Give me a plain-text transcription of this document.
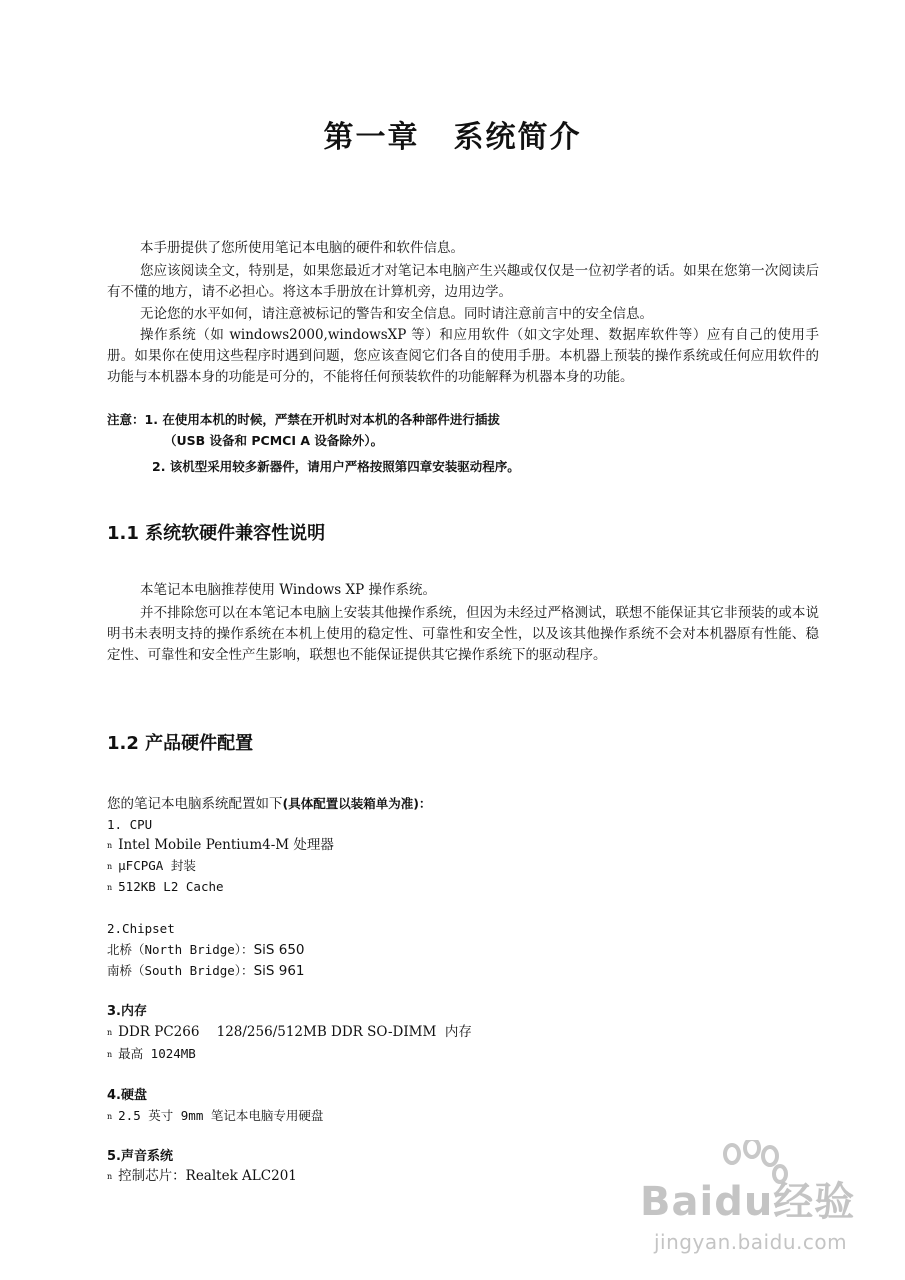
第一章 系统简介

本手册提供了您所使用笔记本电脑的硬件和软件信息。

您应该阅读全文，特别是，如果您最近才对笔记本电脑产生兴趣或仅仅是一位初学者的话。如果在您第一次阅读后有不懂的地方，请不必担心。将这本手册放在计算机旁，边用边学。

无论您的水平如何，请注意被标记的警告和安全信息。同时请注意前言中的安全信息。

操作系统（如 windows2000,windowsXP 等）和应用软件（如文字处理、数据库软件等）应有自己的使用手册。如果你在使用这些程序时遇到问题，您应该查阅它们各自的使用手册。本机器上预装的操作系统或任何应用软件的功能与本机器本身的功能是可分的，不能将任何预装软件的功能解释为机器本身的功能。

注意：1. 在使用本机的时候，严禁在开机时对本机的各种部件进行插拔

（USB 设备和 PCMCI A 设备除外）。

2. 该机型采用较多新器件，请用户严格按照第四章安装驱动程序。

1.1 系统软硬件兼容性说明

本笔记本电脑推荐使用 Windows XP 操作系统。

并不排除您可以在本笔记本电脑上安装其他操作系统，但因为未经过严格测试，联想不能保证其它非预装的或本说明书未表明支持的操作系统在本机上使用的稳定性、可靠性和安全性，以及该其他操作系统不会对本机器原有性能、稳定性、可靠性和安全性产生影响，联想也不能保证提供其它操作系统下的驱动程序。

1.2 产品硬件配置

您的笔记本电脑系统配置如下(具体配置以装箱单为准)：

1. CPU

n Intel Mobile Pentium4-M 处理器

n μFCPGA 封装

n 512KB L2 Cache

2.Chipset

北桥（North Bridge）：SiS 650

南桥（South Bridge）：SiS 961

3.内存

n DDR PC266    128/256/512MB DDR SO-DIMM  内存

n 最高 1024MB

4.硬盘

n 2.5 英寸 9mm 笔记本电脑专用硬盘

5.声音系统

n 控制芯片：Realtek ALC201

Baidu经验
jingyan.baidu.com
